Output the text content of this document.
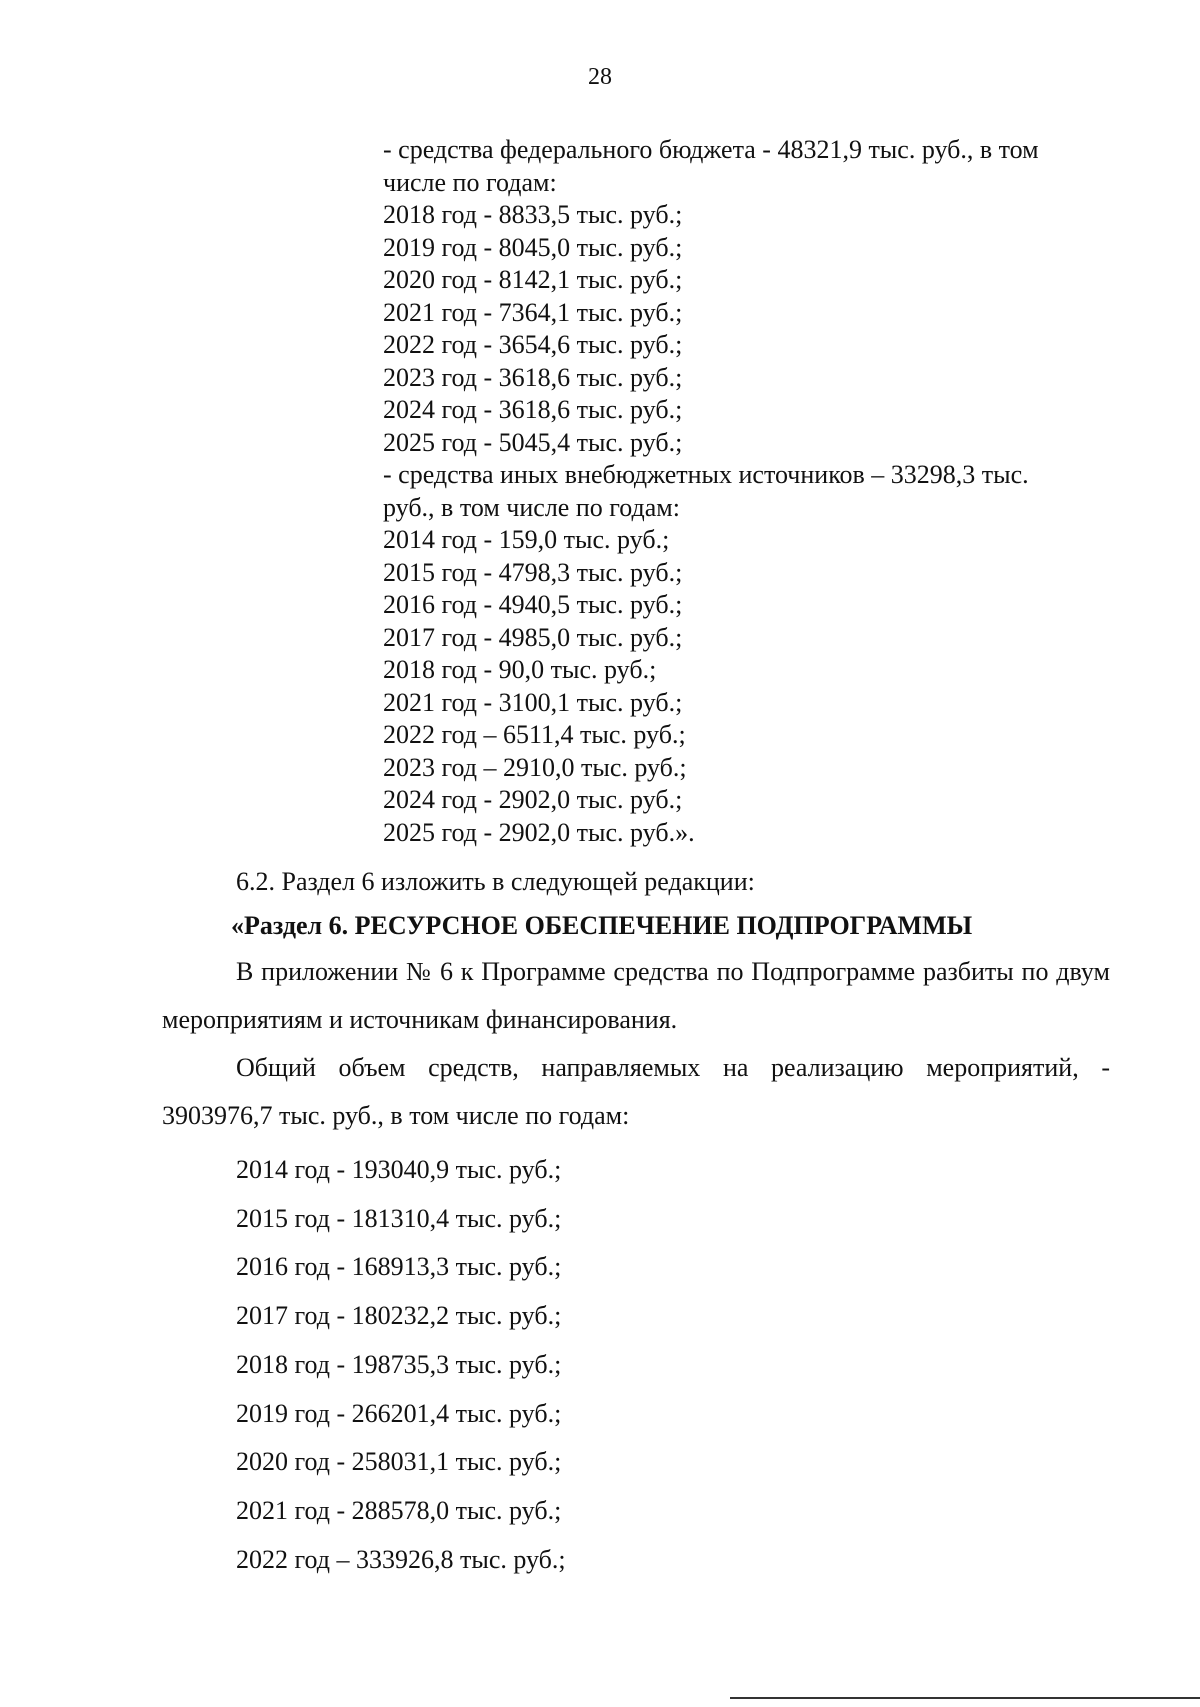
28
- средства федерального бюджета - 48321,9 тыс. руб., в том
числе по годам:
2018 год - 8833,5 тыс. руб.;
2019 год - 8045,0 тыс. руб.;
2020 год - 8142,1 тыс. руб.;
2021 год - 7364,1 тыс. руб.;
2022 год - 3654,6 тыс. руб.;
2023 год - 3618,6 тыс. руб.;
2024 год - 3618,6 тыс. руб.;
2025 год - 5045,4 тыс. руб.;
- средства иных внебюджетных источников – 33298,3 тыс.
руб., в том числе по годам:
2014 год - 159,0 тыс. руб.;
2015 год - 4798,3 тыс. руб.;
2016 год - 4940,5 тыс. руб.;
2017 год - 4985,0 тыс. руб.;
2018 год - 90,0 тыс. руб.;
2021 год - 3100,1 тыс. руб.;
2022 год – 6511,4 тыс. руб.;
2023 год – 2910,0 тыс. руб.;
2024 год - 2902,0 тыс. руб.;
2025 год - 2902,0 тыс. руб.».
6.2. Раздел 6 изложить в следующей редакции:
«Раздел 6. РЕСУРСНОЕ ОБЕСПЕЧЕНИЕ ПОДПРОГРАММЫ
В приложении № 6 к Программе средства по Подпрограмме разбиты по двум мероприятиям и источникам финансирования.
Общий объем средств, направляемых на реализацию мероприятий, - 3903976,7 тыс. руб., в том числе по годам:
2014 год - 193040,9 тыс. руб.;
2015 год - 181310,4 тыс. руб.;
2016 год - 168913,3 тыс. руб.;
2017 год - 180232,2 тыс. руб.;
2018 год - 198735,3 тыс. руб.;
2019 год - 266201,4 тыс. руб.;
2020 год - 258031,1 тыс. руб.;
2021 год - 288578,0 тыс. руб.;
2022 год – 333926,8 тыс. руб.;
